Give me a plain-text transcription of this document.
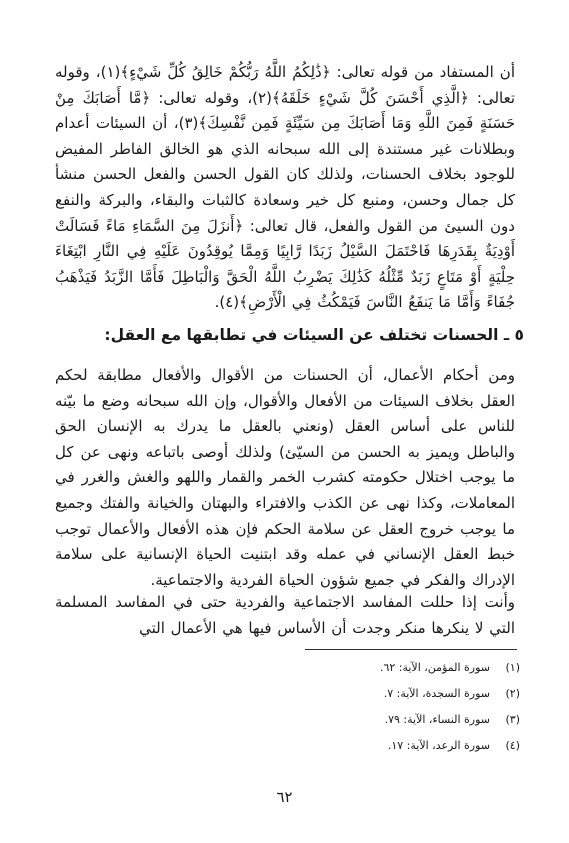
أن المستفاد من قوله تعالى: ﴿ذَٰلِكُمُ اللَّهُ رَبُّكُمْ خَالِقُ كُلِّ شَيْءٍ﴾(١)، وقوله تعالى: ﴿الَّذِي أَحْسَنَ كُلَّ شَيْءٍ خَلَقَهُ﴾(٢)، وقوله تعالى: ﴿مَّا أَصَابَكَ مِنْ حَسَنَةٍ فَمِنَ اللَّهِ وَمَا أَصَابَكَ مِن سَيِّئَةٍ فَمِن نَّفْسِكَ﴾(٣)، أن السيئات أعدام وبطلانات غير مستندة إلى الله سبحانه الذي هو الخالق الفاطر المفيض للوجود بخلاف الحسنات، ولذلك كان القول الحسن والفعل الحسن منشأ كل جمال وحسن، ومنبع كل خير وسعادة كالثبات والبقاء، والبركة والنفع دون السيئ من القول والفعل، قال تعالى: ﴿أَنزَلَ مِنَ السَّمَاءِ مَاءً فَسَالَتْ أَوْدِيَةٌ بِقَدَرِهَا فَاحْتَمَلَ السَّيْلُ زَبَدًا رَّابِيًا وَمِمَّا يُوقِدُونَ عَلَيْهِ فِي النَّارِ ابْتِغَاءَ حِلْيَةٍ أَوْ مَتَاعٍ زَبَدٌ مِّثْلُهُ كَذَٰلِكَ يَضْرِبُ اللَّهُ الْحَقَّ وَالْبَاطِلَ فَأَمَّا الزَّبَدُ فَيَذْهَبُ جُفَاءً وَأَمَّا مَا يَنفَعُ النَّاسَ فَيَمْكُثُ فِي الْأَرْضِ﴾(٤).

٥ ـ الحسنات تختلف عن السيئات في تطابقها مع العقل:

ومن أحكام الأعمال، أن الحسنات من الأقوال والأفعال مطابقة لحكم العقل بخلاف السيئات من الأفعال والأقوال، وإن الله سبحانه وضع ما بيّنه للناس على أساس العقل (ونعني بالعقل ما يدرك به الإنسان الحق والباطل ويميز به الحسن من السيّئ) ولذلك أوصى باتباعه ونهى عن كل ما يوجب اختلال حكومته كشرب الخمر والقمار واللهو والغش والغرر في المعاملات، وكذا نهى عن الكذب والافتراء والبهتان والخيانة والفتك وجميع ما يوجب خروج العقل عن سلامة الحكم فإن هذه الأفعال والأعمال توجب خبط العقل الإنساني في عمله وقد ابتنيت الحياة الإنسانية على سلامة الإدراك والفكر في جميع شؤون الحياة الفردية والاجتماعية.

وأنت إذا حللت المفاسد الاجتماعية والفردية حتى في المفاسد المسلمة التي لا ينكرها منكر وجدت أن الأساس فيها هي الأعمال التي

(١)
سورة المؤمن، الآية: ٦٢.
(٢)
سورة السجدة، الآية: ٧.
(٣)
سورة النساء، الآية: ٧٩.
(٤)
سورة الرعد، الآية: ١٧.
٦٢
